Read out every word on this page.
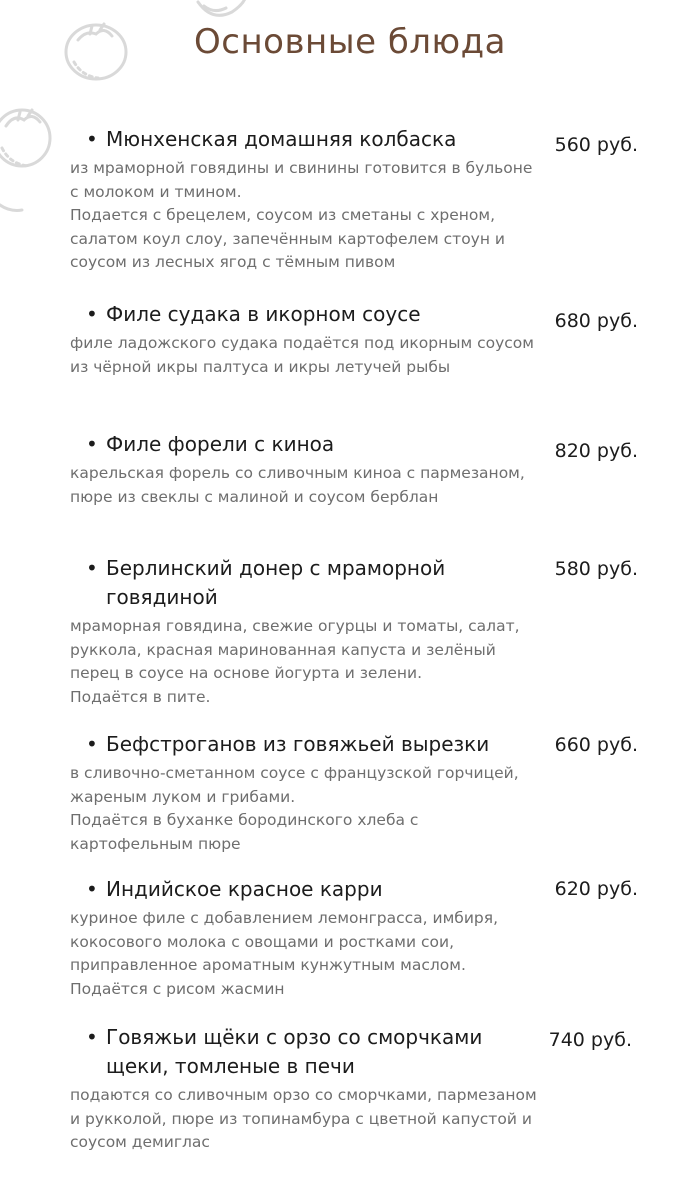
Основные блюда
• Мюнхенская домашняя колбаска	560 руб.
из мраморной говядины и свинины готовится в бульоне с молоком и тмином.
Подается с брецелем, соусом из сметаны с хреном, салатом коул слоу, запечённым картофелем стоун и соусом из лесных ягод с тёмным пивом
• Филе судака в икорном соусе	680 руб.
филе ладожского судака подаётся под икорным соусом из чёрной икры палтуса и икры летучей рыбы
• Филе форели с киноа	820 руб.
карельская форель со сливочным киноа с пармезаном, пюре из свеклы с малиной и соусом берблан
• Берлинский донер с мраморной говядиной
580 руб.
мраморная говядина, свежие огурцы и томаты, салат, руккола, красная маринованная капуста и зелёный перец в соусе на основе йогурта и зелени.
Подаётся в пите.
• Бефстроганов из говяжьей вырезки	660 руб.
в сливочно-сметанном соусе с французской горчицей, жареным луком и грибами.
Подаётся в буханке бородинского хлеба с картофельным пюре
• Индийское красное карри	620 руб.
куриное филе с добавлением лемонграсса, имбиря, кокосового молока с овощами и ростками сои, приправленное ароматным кунжутным маслом.
Подаётся с рисом жасмин
• Говяжьи щёки с орзо со сморчками щеки, томленые в печи
740 руб.
подаются со сливочным орзо со сморчками, пармезаном и рукколой, пюре из топинамбура с цветной капустой и соусом демиглас
